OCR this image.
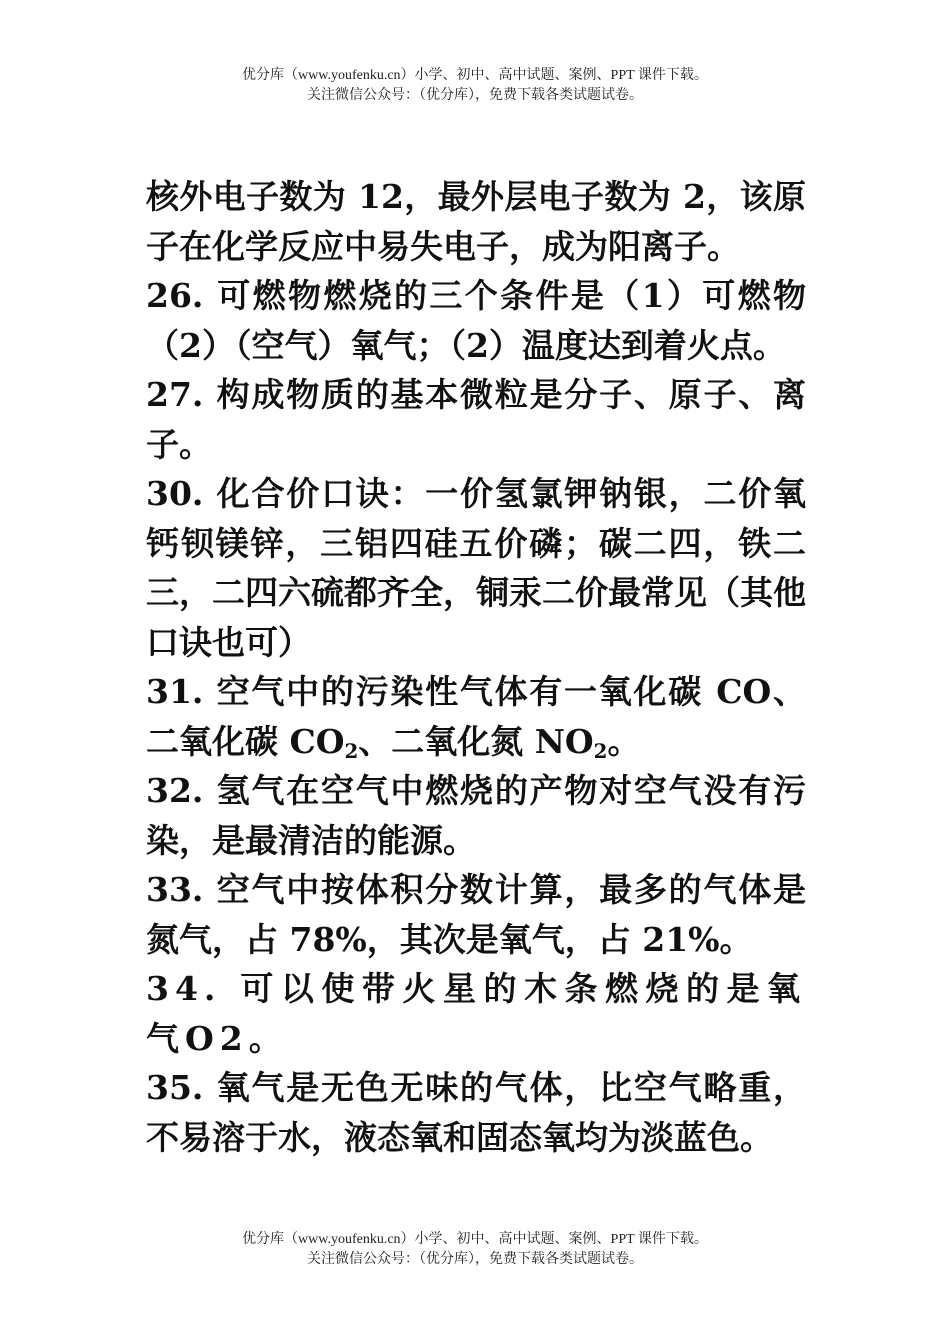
优分库（www.youfenku.cn）小学、初中、高中试题、案例、PPT 课件下载。
关注微信公众号：（优分库），免费下载各类试题试卷。

核外电子数为 12，最外层电子数为 2，该原子在化学反应中易失电子，成为阳离子。

26. 可燃物燃烧的三个条件是（1）可燃物（2）（空气）氧气；（2）温度达到着火点。

27. 构成物质的基本微粒是分子、原子、离子。

30. 化合价口诀：一价氢氯钾钠银，二价氧钙钡镁锌，三铝四硅五价磷；碳二四，铁二三，二四六硫都齐全，铜汞二价最常见（其他口诀也可）

31. 空气中的污染性气体有一氧化碳 CO、二氧化碳 $CO_2$、二氧化氮 $NO_2$。

32. 氢气在空气中燃烧的产物对空气没有污染，是最清洁的能源。

33. 空气中按体积分数计算，最多的气体是氮气，占 78%，其次是氧气，占 21%。

34. 可以使带火星的木条燃烧的是氧气O2。

35. 氧气是无色无味的气体，比空气略重，不易溶于水，液态氧和固态氧均为淡蓝色。

优分库（www.youfenku.cn）小学、初中、高中试题、案例、PPT 课件下载。
关注微信公众号：（优分库），免费下载各类试题试卷。
